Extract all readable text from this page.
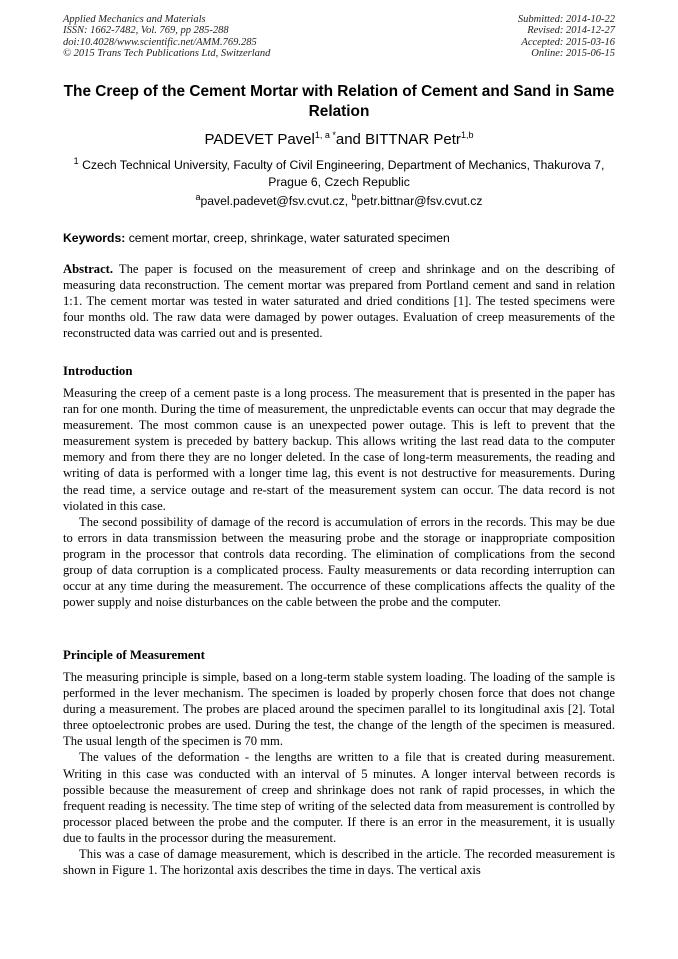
Applied Mechanics and Materials
ISSN: 1662-7482, Vol. 769, pp 285-288
doi:10.4028/www.scientific.net/AMM.769.285
© 2015 Trans Tech Publications Ltd, Switzerland
Submitted: 2014-10-22
Revised: 2014-12-27
Accepted: 2015-03-16
Online: 2015-06-15
The Creep of the Cement Mortar with Relation of Cement and Sand in Same Relation
PADEVET Pavel$^{1, a *}$and BITTNAR Petr$^{1,b}$
$^1$ Czech Technical University, Faculty of Civil Engineering, Department of Mechanics, Thakurova 7, Prague 6, Czech Republic
$^a$pavel.padevet@fsv.cvut.cz, $^b$petr.bittnar@fsv.cvut.cz
Keywords: cement mortar, creep, shrinkage, water saturated specimen

Abstract. The paper is focused on the measurement of creep and shrinkage and on the describing of measuring data reconstruction. The cement mortar was prepared from Portland cement and sand in relation 1:1. The cement mortar was tested in water saturated and dried conditions [1]. The tested specimens were four months old. The raw data were damaged by power outages. Evaluation of creep measurements of the reconstructed data was carried out and is presented.

Introduction

Measuring the creep of a cement paste is a long process. The measurement that is presented in the paper has ran for one month. During the time of measurement, the unpredictable events can occur that may degrade the measurement. The most common cause is an unexpected power outage. This is left to prevent that the measurement system is preceded by battery backup. This allows writing the last read data to the computer memory and from there they are no longer deleted. In the case of long-term measurements, the reading and writing of data is performed with a longer time lag, this event is not destructive for measurements. During the read time, a service outage and re-start of the measurement system can occur. The data record is not violated in this case.

The second possibility of damage of the record is accumulation of errors in the records. This may be due to errors in data transmission between the measuring probe and the storage or inappropriate composition program in the processor that controls data recording. The elimination of complications from the second group of data corruption is a complicated process. Faulty measurements or data recording interruption can occur at any time during the measurement. The occurrence of these complications affects the quality of the power supply and noise disturbances on the cable between the probe and the computer.

Principle of Measurement

The measuring principle is simple, based on a long-term stable system loading. The loading of the sample is performed in the lever mechanism. The specimen is loaded by properly chosen force that does not change during a measurement. The probes are placed around the specimen parallel to its longitudinal axis [2]. Total three optoelectronic probes are used. During the test, the change of the length of the specimen is measured. The usual length of the specimen is 70 mm.

The values of the deformation - the lengths are written to a file that is created during measurement. Writing in this case was conducted with an interval of 5 minutes. A longer interval between records is possible because the measurement of creep and shrinkage does not rank of rapid processes, in which the frequent reading is necessity. The time step of writing of the selected data from measurement is controlled by processor placed between the probe and the computer. If there is an error in the measurement, it is usually due to faults in the processor during the measurement.

This was a case of damage measurement, which is described in the article. The recorded measurement is shown in Figure 1. The horizontal axis describes the time in days. The vertical axis
